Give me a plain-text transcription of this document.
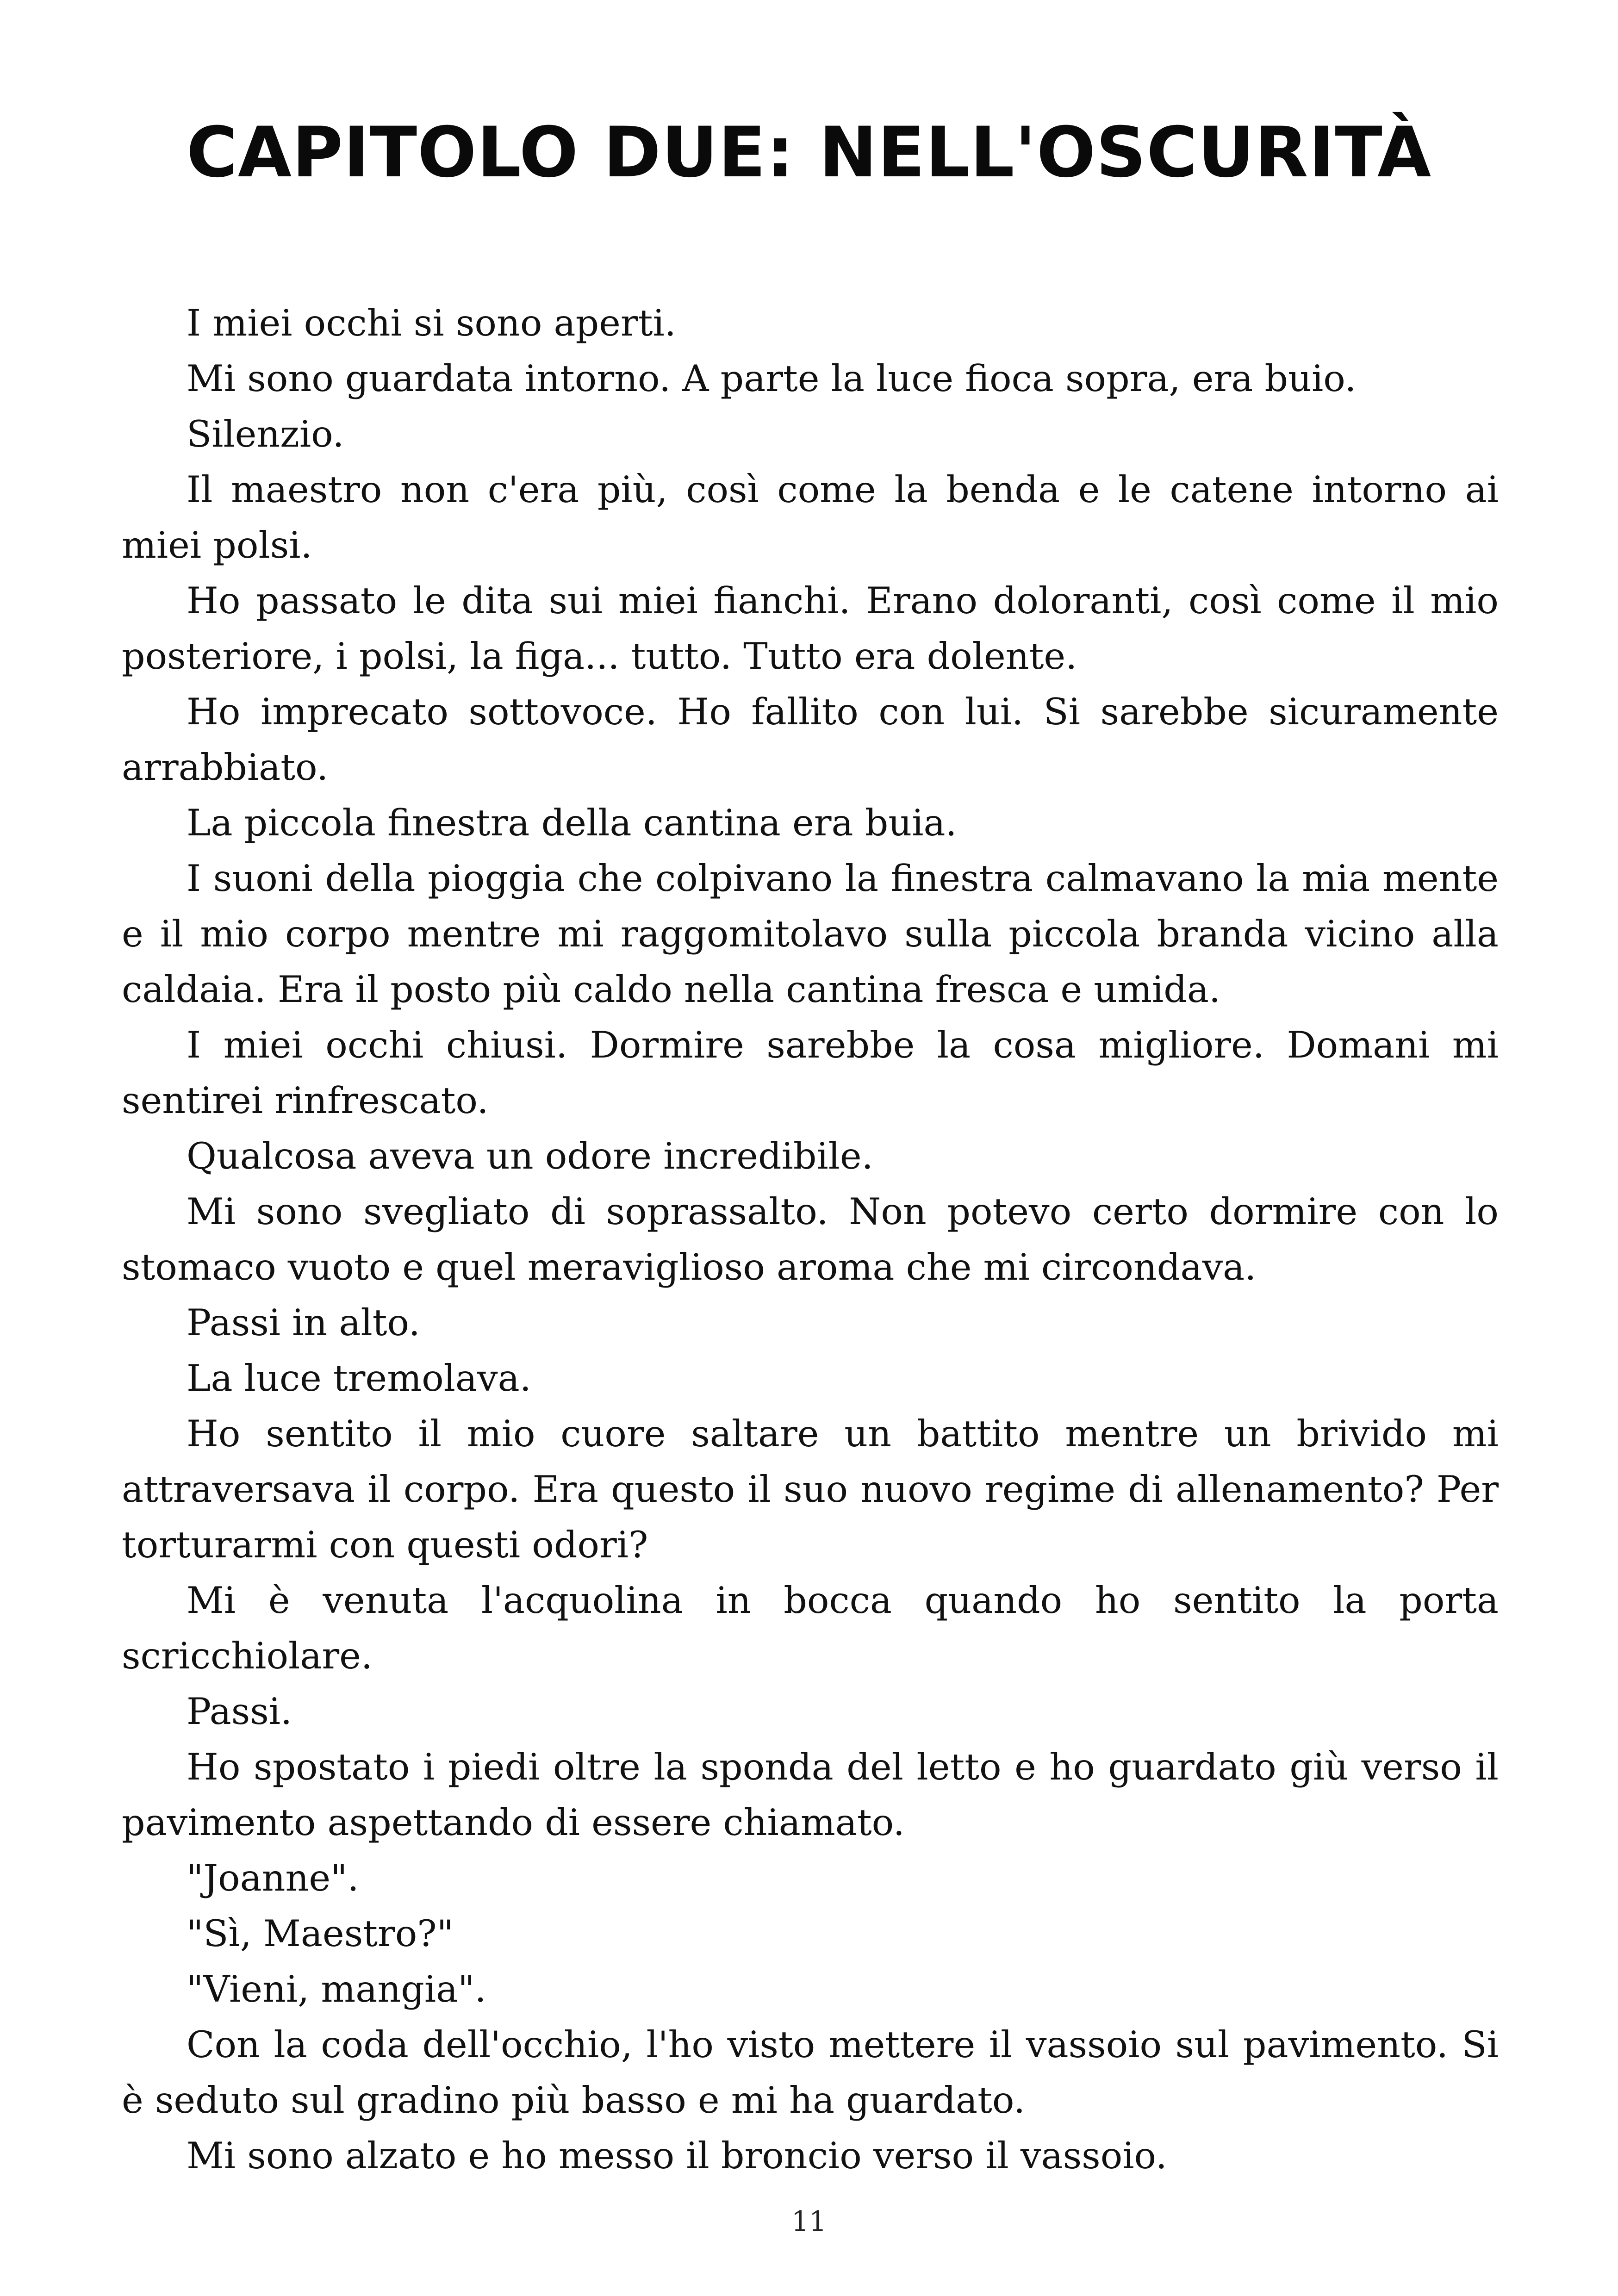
CAPITOLO DUE: NELL'OSCURITÀ

I miei occhi si sono aperti.

Mi sono guardata intorno. A parte la luce fioca sopra, era buio.

Silenzio.

Il maestro non c'era più, così come la benda e le catene intorno ai miei polsi.

Ho passato le dita sui miei fianchi. Erano doloranti, così come il mio posteriore, i polsi, la figa... tutto. Tutto era dolente.

Ho imprecato sottovoce. Ho fallito con lui. Si sarebbe sicuramente arrabbiato.

La piccola finestra della cantina era buia.

I suoni della pioggia che colpivano la finestra calmavano la mia mente e il mio corpo mentre mi raggomitolavo sulla piccola branda vicino alla caldaia. Era il posto più caldo nella cantina fresca e umida.

I miei occhi chiusi. Dormire sarebbe la cosa migliore. Domani mi sentirei rinfrescato.

Qualcosa aveva un odore incredibile.

Mi sono svegliato di soprassalto. Non potevo certo dormire con lo stomaco vuoto e quel meraviglioso aroma che mi circondava.

Passi in alto.

La luce tremolava.

Ho sentito il mio cuore saltare un battito mentre un brivido mi attraversava il corpo. Era questo il suo nuovo regime di allenamento? Per torturarmi con questi odori?

Mi è venuta l'acquolina in bocca quando ho sentito la porta scricchiolare.

Passi.

Ho spostato i piedi oltre la sponda del letto e ho guardato giù verso il pavimento aspettando di essere chiamato.

"Joanne".

"Sì, Maestro?"

"Vieni, mangia".

Con la coda dell'occhio, l'ho visto mettere il vassoio sul pavimento. Si è seduto sul gradino più basso e mi ha guardato.

Mi sono alzato e ho messo il broncio verso il vassoio.

11
